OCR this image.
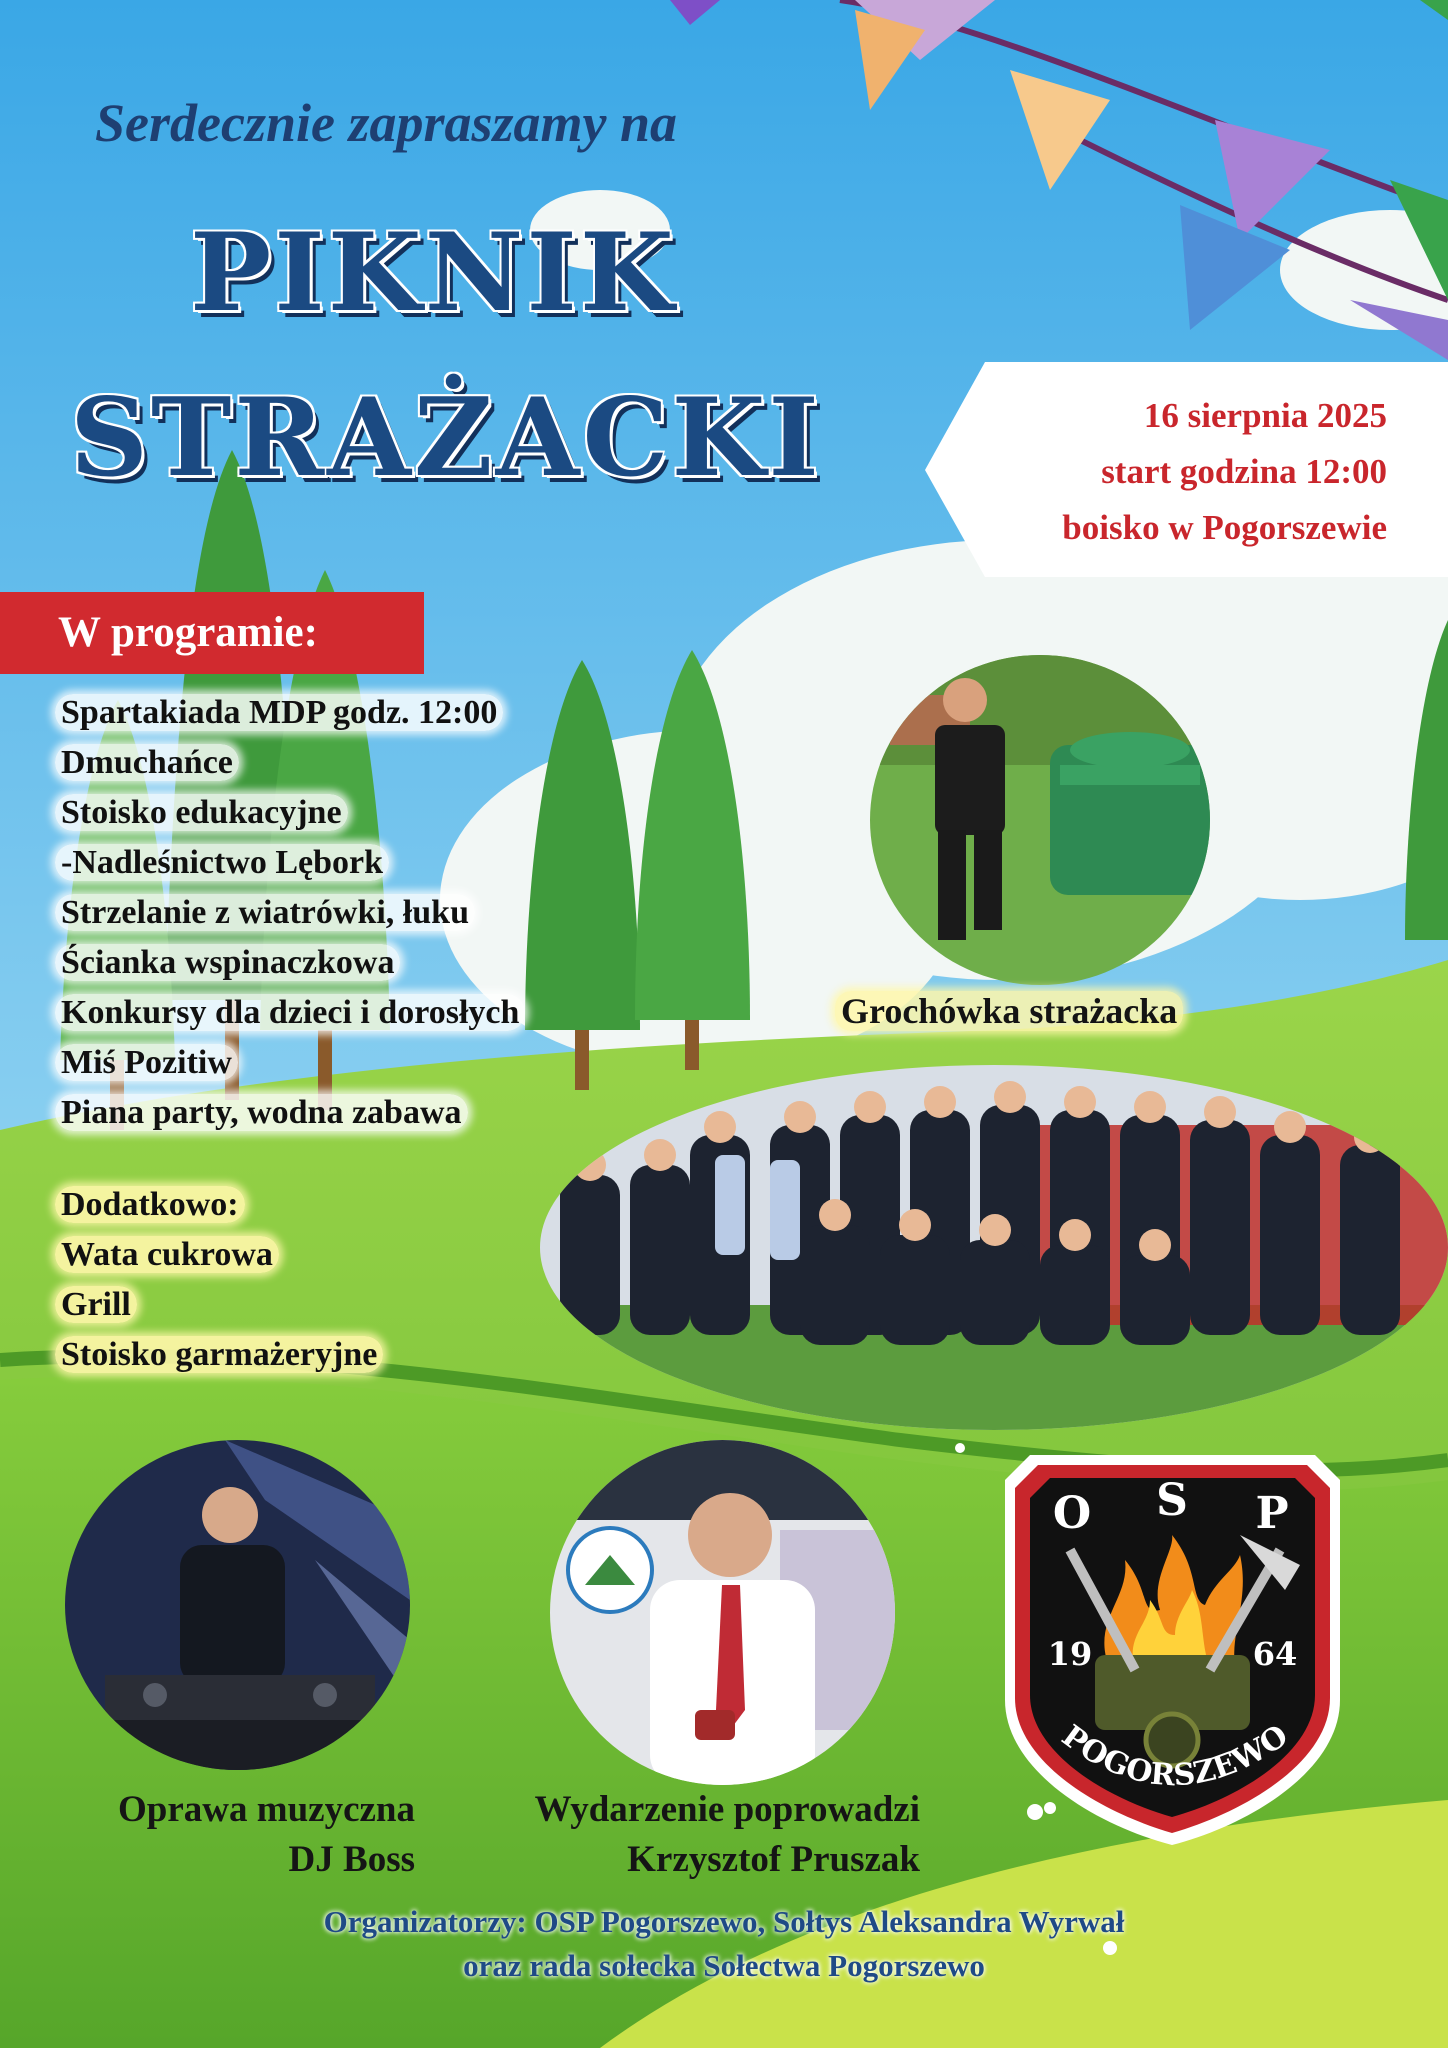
Serdecznie zapraszamy na
PIKNIK
STRAŻACKI	16 sierpnia 2025
start godzina 12:00
boisko w Pogorszewie
W programie:
Spartakiada MDP godz. 12:00
Dmuchańce
Stoisko edukacyjne
-Nadleśnictwo Lębork
Strzelanie z wiatrówki, łuku
Ścianka wspinaczkowa
Konkursy dla dzieci i dorosłych
Miś Pozitiw
Piana party, wodna zabawa
Dodatkowo:
Wata cukrowa
Grill
Stoisko garmażeryjne
Grochówka strażacka
Oprawa muzyczna
DJ Boss
Wydarzenie poprowadzi
Krzysztof Pruszak
O S P
19	64
POGORSZEWO
Organizatorzy: OSP Pogorszewo, Sołtys Aleksandra Wyrwał
oraz rada sołecka Sołectwa Pogorszewo
